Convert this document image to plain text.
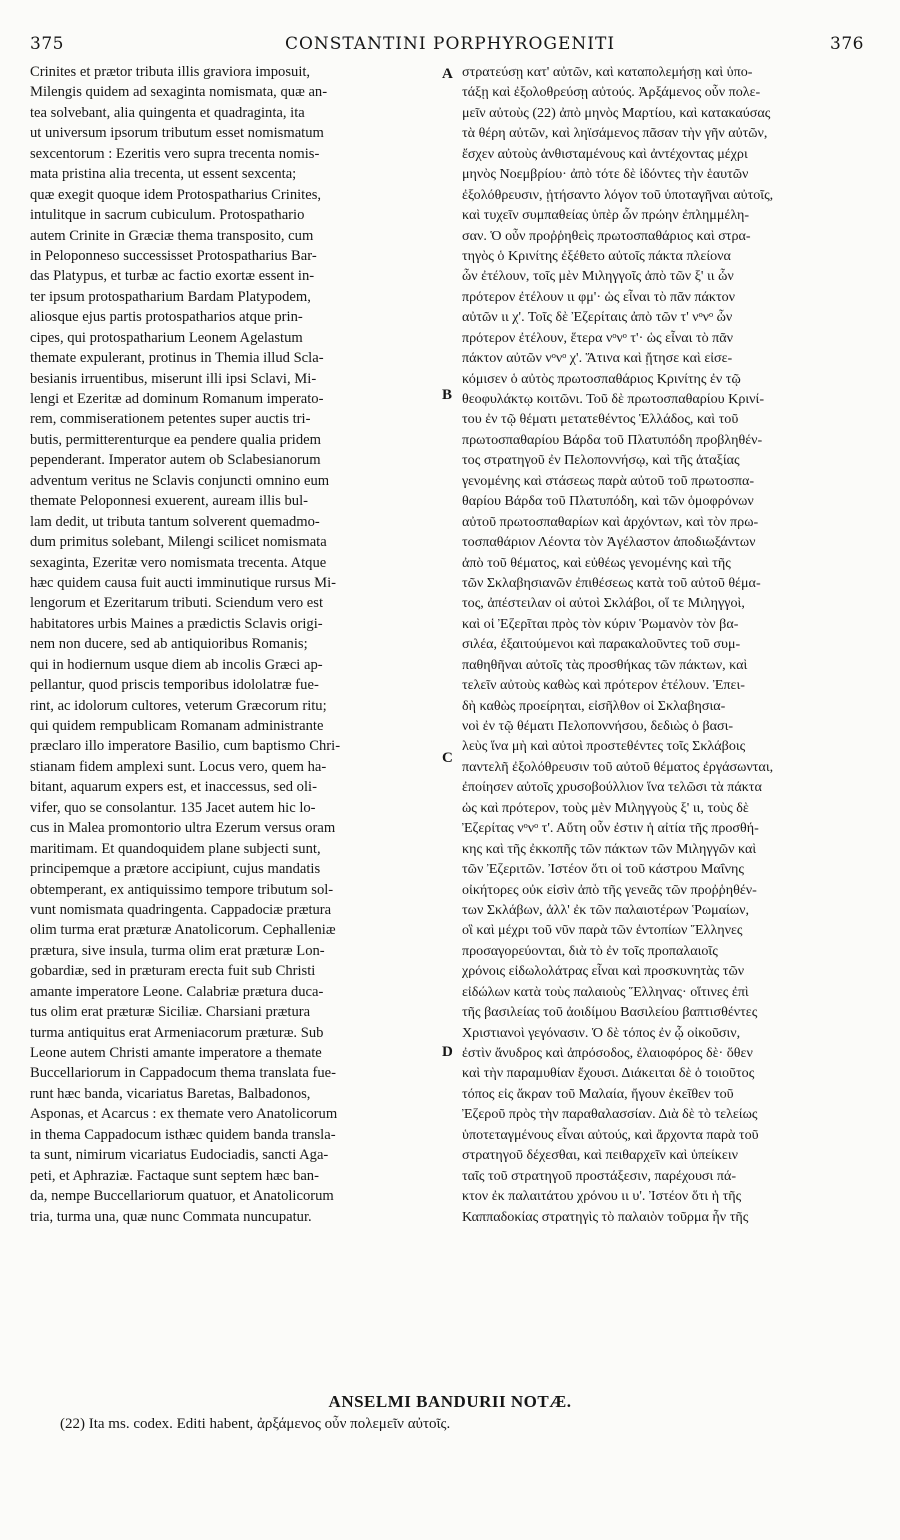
375	CONSTANTINI PORPHYROGENITI	376
Crinites et prætor tributa illis graviora imposuit,
Milengis quidem ad sexaginta nomismata, quæ an-
tea solvebant, alia quingenta et quadraginta, ita
ut universum ipsorum tributum esset nomismatum
sexcentorum : Ezeritis vero supra trecenta nomis-
mata pristina alia trecenta, ut essent sexcenta;
quæ exegit quoque idem Protospatharius Crinites,
intulitque in sacrum cubiculum. Protospathario
autem Crinite in Græciæ thema transposito, cum
in Peloponneso successisset Protospatharius Bar-
das Platypus, et turbæ ac factio exortæ essent in-
ter ipsum protospatharium Bardam Platypodem,
aliosque ejus partis protospatharios atque prin-
cipes, qui protospatharium Leonem Agelastum
themate expulerant, protinus in Themia illud Scla-
besianis irruentibus, miserunt illi ipsi Sclavi, Mi-
lengi et Ezeritæ ad dominum Romanum imperato-
rem, commiserationem petentes super auctis tri-
butis, permitterenturque ea pendere qualia pridem
pependerant. Imperator autem ob Sclabesianorum
adventum veritus ne Sclavis conjuncti omnino eum
themate Peloponnesi exuerent, auream illis bul-
lam dedit, ut tributa tantum solverent quemadmo-
dum primitus solebant, Milengi scilicet nomismata
sexaginta, Ezeritæ vero nomismata trecenta. Atque
hæc quidem causa fuit aucti imminutique rursus Mi-
lengorum et Ezeritarum tributi. Sciendum vero est
habitatores urbis Maines a prædictis Sclavis origi-
nem non ducere, sed ab antiquioribus Romanis;
qui in hodiernum usque diem ab incolis Græci ap-
pellantur, quod priscis temporibus idololatræ fue-
rint, ac idolorum cultores, veterum Græcorum ritu;
qui quidem rempublicam Romanam administrante
præclaro illo imperatore Basilio, cum baptismo Chri-
stianam fidem amplexi sunt. Locus vero, quem ha-
bitant, aquarum expers est, et inaccessus, sed oli-
vifer, quo se consolantur. 135 Jacet autem hic lo-
cus in Malea promontorio ultra Ezerum versus oram
maritimam. Et quandoquidem plane subjecti sunt,
principemque a prætore accipiunt, cujus mandatis
obtemperant, ex antiquissimo tempore tributum sol-
vunt nomismata quadringenta. Cappadociæ prætura
olim turma erat præturæ Anatolicorum. Cephalleniæ
prætura, sive insula, turma olim erat præturæ Lon-
gobardiæ, sed in præturam erecta fuit sub Christi
amante imperatore Leone. Calabriæ prætura duca-
tus olim erat præturæ Siciliæ. Charsiani prætura
turma antiquitus erat Armeniacorum præturæ. Sub
Leone autem Christi amante imperatore a themate
Buccellariorum in Cappadocum thema translata fue-
runt hæc banda, vicariatus Baretas, Balbadonos,
Asponas, et Acarcus : ex themate vero Anatolicorum
in thema Cappadocum isthæc quidem banda transla-
ta sunt, nimirum vicariatus Eudociadis, sancti Aga-
peti, et Aphraziæ. Factaque sunt septem hæc ban-
da, nempe Buccellariorum quatuor, et Anatolicorum
tria, turma una, quæ nunc Commata nuncupatur.
στρατεύσῃ κατ' αὐτῶν, καὶ καταπολεμήσῃ καὶ ὑπο-
τάξῃ καὶ ἐξολοθρεύσῃ αὐτούς. Ἀρξάμενος οὖν πολε-
μεῖν αὐτοὺς (22) ἀπὸ μηνὸς Μαρτίου, καὶ κατακαύσας
τὰ θέρη αὐτῶν, καὶ ληϊσάμενος πᾶσαν τὴν γῆν αὐτῶν,
ἔσχεν αὐτοὺς ἀνθισταμένους καὶ ἀντέχοντας μέχρι
μηνὸς Νοεμβρίου· ἀπὸ τότε δὲ ἰδόντες τὴν ἑαυτῶν
ἐξολόθρευσιν, ᾐτήσαντο λόγον τοῦ ὑποταγῆναι αὐτοῖς,
καὶ τυχεῖν συμπαθείας ὑπὲρ ὧν πρώην ἐπλημμέλη-
σαν. Ὁ οὖν προῤῥηθεὶς πρωτοσπαθάριος καὶ στρα-
τηγὸς ὁ Κρινίτης ἐξέθετο αὐτοῖς πάκτα πλείονα
ὧν ἐτέλουν, τοῖς μὲν Μιληγγοῖς ἀπὸ τῶν ξ' ιι ὧν
πρότερον ἐτέλουν ιι φμ'· ὡς εἶναι τὸ πᾶν πάκτον
αὐτῶν ιι χ'. Τοῖς δὲ Ἐζερίταις ἀπὸ τῶν τ' νᵒνᵒ ὧν
πρότερον ἐτέλουν, ἕτερα νᵒνᵒ τ'· ὡς εἶναι τὸ πᾶν
πάκτον αὐτῶν νᵒνᵒ χ'. Ἅτινα καὶ ᾔτησε καὶ εἰσε-
κόμισεν ὁ αὐτὸς πρωτοσπαθάριος Κρινίτης ἐν τῷ
θεοφυλάκτῳ κοιτῶνι. Τοῦ δὲ πρωτοσπαθαρίου Κρινί-
του ἐν τῷ θέματι μετατεθέντος Ἑλλάδος, καὶ τοῦ
πρωτοσπαθαρίου Βάρδα τοῦ Πλατυπόδη προβληθέν-
τος στρατηγοῦ ἐν Πελοποννήσῳ, καὶ τῆς ἀταξίας
γενομένης καὶ στάσεως παρὰ αὐτοῦ τοῦ πρωτοσπα-
θαρίου Βάρδα τοῦ Πλατυπόδη, καὶ τῶν ὁμοφρόνων
αὐτοῦ πρωτοσπαθαρίων καὶ ἀρχόντων, καὶ τὸν πρω-
τοσπαθάριον Λέοντα τὸν Ἀγέλαστον ἀποδιωξάντων
ἀπὸ τοῦ θέματος, καὶ εὐθέως γενομένης καὶ τῆς
τῶν Σκλαβησιανῶν ἐπιθέσεως κατὰ τοῦ αὐτοῦ θέμα-
τος, ἀπέστειλαν οἱ αὐτοὶ Σκλάβοι, οἵ τε Μιληγγοὶ,
καὶ οἱ Ἐζερῖται πρὸς τὸν κύριν Ῥωμανὸν τὸν βα-
σιλέα, ἐξαιτούμενοι καὶ παρακαλοῦντες τοῦ συμ-
παθηθῆναι αὐτοῖς τὰς προσθήκας τῶν πάκτων, καὶ
τελεῖν αὐτοὺς καθὼς καὶ πρότερον ἐτέλουν. Ἐπει-
δὴ καθὼς προείρηται, εἰσῆλθον οἱ Σκλαβησια-
νοὶ ἐν τῷ θέματι Πελοποννήσου, δεδιὼς ὁ βασι-
λεὺς ἵνα μὴ καὶ αὐτοὶ προστεθέντες τοῖς Σκλάβοις
παντελῆ ἐξολόθρευσιν τοῦ αὐτοῦ θέματος ἐργάσωνται,
ἐποίησεν αὐτοῖς χρυσοβούλλιον ἵνα τελῶσι τὰ πάκτα
ὡς καὶ πρότερον, τοὺς μὲν Μιληγγοὺς ξ' ιι, τοὺς δὲ
Ἐζερίτας νᵒνᵒ τ'. Αὕτη οὖν ἐστιν ἡ αἰτία τῆς προσθή-
κης καὶ τῆς ἐκκοπῆς τῶν πάκτων τῶν Μιληγγῶν καὶ
τῶν Ἐζεριτῶν. Ἰστέον ὅτι οἱ τοῦ κάστρου Μαΐνης
οἰκήτορες οὐκ εἰσὶν ἀπὸ τῆς γενεᾶς τῶν προῤῥηθέν-
των Σκλάβων, ἀλλ' ἐκ τῶν παλαιοτέρων Ῥωμαίων,
οἳ καὶ μέχρι τοῦ νῦν παρὰ τῶν ἐντοπίων Ἕλληνες
προσαγορεύονται, διὰ τὸ ἐν τοῖς προπαλαιοῖς
χρόνοις εἰδωλολάτρας εἶναι καὶ προσκυνητὰς τῶν
εἰδώλων κατὰ τοὺς παλαιοὺς Ἕλληνας· οἵτινες ἐπὶ
τῆς βασιλείας τοῦ ἀοιδίμου Βασιλείου βαπτισθέντες
Χριστιανοὶ γεγόνασιν. Ὁ δὲ τόπος ἐν ᾧ οἰκοῦσιν,
ἐστὶν ἄνυδρος καὶ ἀπρόσοδος, ἐλαιοφόρος δὲ· ὅθεν
καὶ τὴν παραμυθίαν ἔχουσι. Διάκειται δὲ ὁ τοιοῦτος
τόπος εἰς ἄκραν τοῦ Μαλαία, ἤγουν ἐκεῖθεν τοῦ
Ἐζεροῦ πρὸς τὴν παραθαλασσίαν. Διὰ δὲ τὸ τελείως
ὑποτεταγμένους εἶναι αὐτούς, καὶ ἄρχοντα παρὰ τοῦ
στρατηγοῦ δέχεσθαι, καὶ πειθαρχεῖν καὶ ὑπείκειν
ταῖς τοῦ στρατηγοῦ προστάξεσιν, παρέχουσι πά-
κτον ἐκ παλαιτάτου χρόνου ιι υ'. Ἰστέον ὅτι ἡ τῆς
Καππαδοκίας στρατηγὶς τὸ παλαιὸν τοῦρμα ἦν τῆς
A
B
C
D
ANSELMI BANDURII NOTÆ.
(22) Ita ms. codex. Editi habent, ἀρξάμενος οὖν πολεμεῖν αὐτοῖς.
